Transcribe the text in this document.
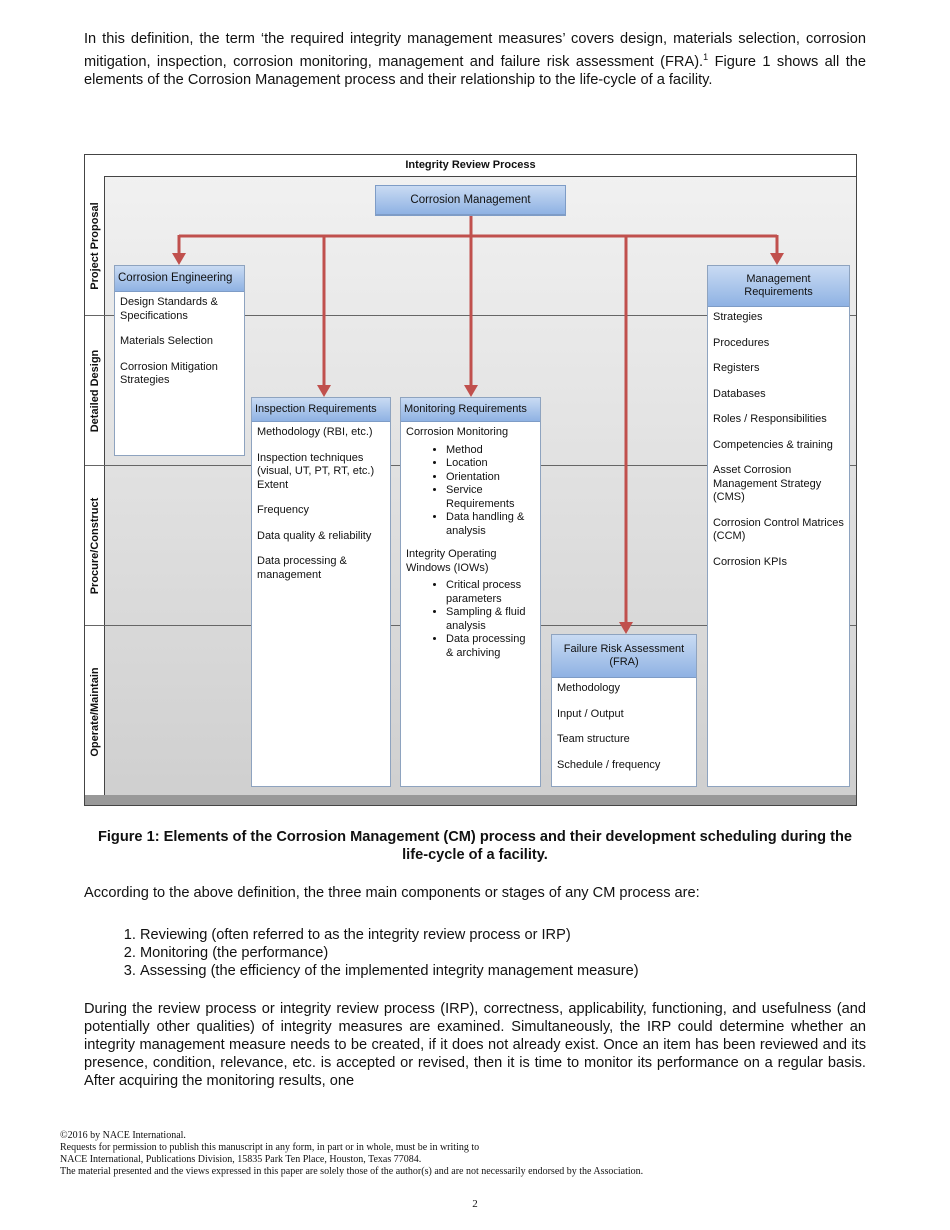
In this definition, the term ‘the required integrity management measures’ covers design, materials selection, corrosion mitigation, inspection, corrosion monitoring, management and failure risk assessment (FRA).$^1$ Figure 1 shows all the elements of the Corrosion Management process and their relationship to the life-cycle of a facility.

Integrity Review Process
Project Proposal
Detailed Design
Procure/Construct
Operate/Maintain
Corrosion Management
Corrosion Engineering
Design Standards & Specifications
Materials Selection
Corrosion Mitigation Strategies
Inspection Requirements
Methodology (RBI, etc.)
Inspection techniques (visual, UT, PT, RT, etc.)
Extent
Frequency
Data quality & reliability
Data processing & management
Monitoring Requirements
Corrosion Monitoring
• Method
• Location
• Orientation
• Service Requirements
• Data handling & analysis
Integrity Operating Windows (IOWs)
• Critical process parameters
• Sampling & fluid analysis
• Data processing & archiving	Failure Risk Assessment (FRA)
Methodology
Input / Output
Team structure
Schedule / frequency
Management Requirements
Strategies
Procedures
Registers
Databases
Roles / Responsibilities
Competencies & training
Asset Corrosion Management Strategy (CMS)
Corrosion Control Matrices (CCM)
Corrosion KPIs
Figure 1: Elements of the Corrosion Management (CM) process and their development scheduling during the life-cycle of a facility.

According to the above definition, the three main components or stages of any CM process are:

1. Reviewing (often referred to as the integrity review process or IRP)
2. Monitoring (the performance)
3. Assessing (the efficiency of the implemented integrity management measure)

During the review process or integrity review process (IRP), correctness, applicability, functioning, and usefulness (and potentially other qualities) of integrity measures are examined. Simultaneously, the IRP could determine whether an integrity management measure needs to be created, if it does not already exist. Once an item has been reviewed and its presence, condition, relevance, etc. is accepted or revised, then it is time to monitor its performance on a regular basis. After acquiring the monitoring results, one

©2016 by NACE International.
Requests for permission to publish this manuscript in any form, in part or in whole, must be in writing to
NACE International, Publications Division, 15835 Park Ten Place, Houston, Texas 77084.
The material presented and the views expressed in this paper are solely those of the author(s) and are not necessarily endorsed by the Association.
2
